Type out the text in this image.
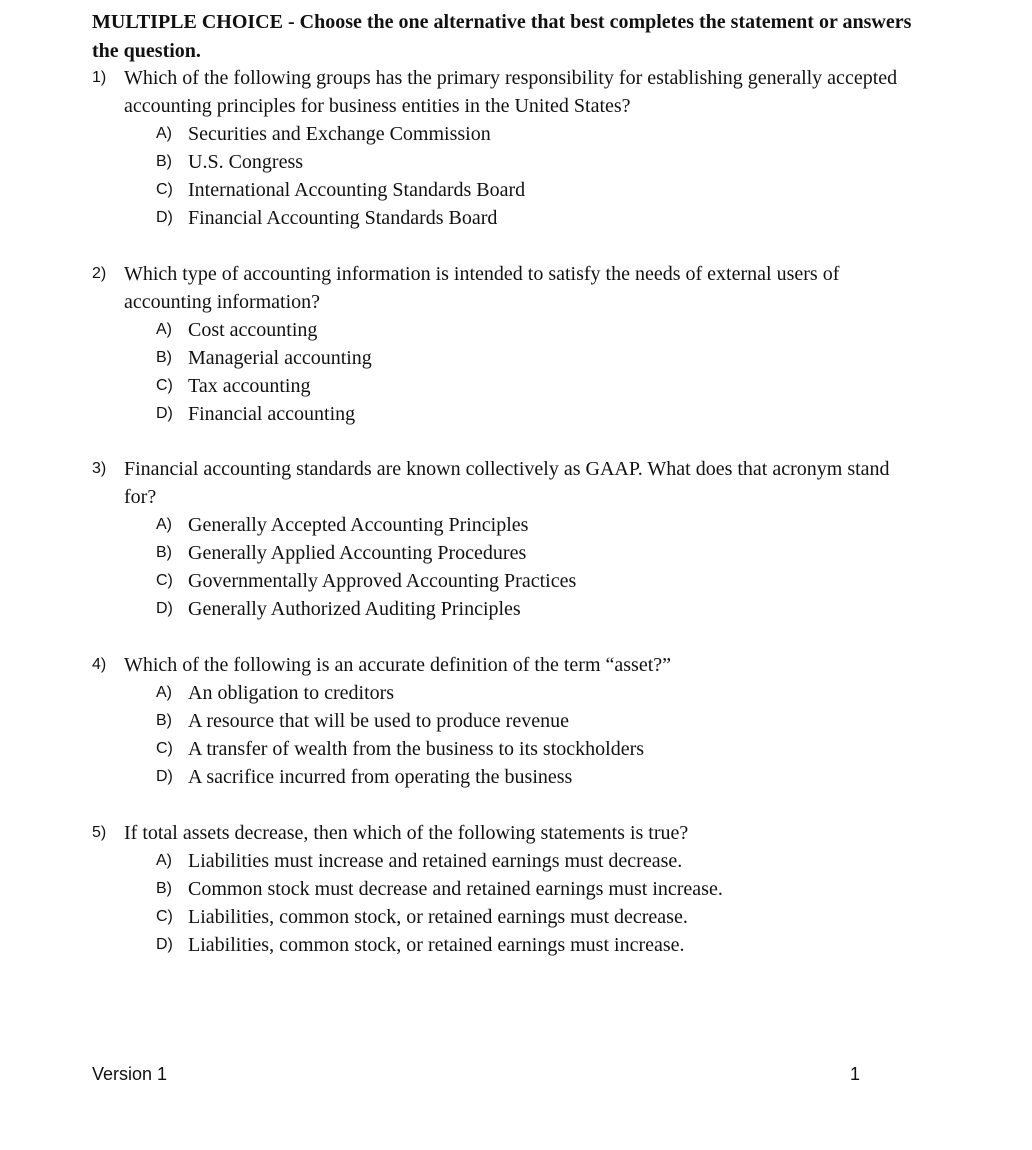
MULTIPLE CHOICE - Choose the one alternative that best completes the statement or answers the question.
1) Which of the following groups has the primary responsibility for establishing generally accepted accounting principles for business entities in the United States?
A) Securities and Exchange Commission
B) U.S. Congress
C) International Accounting Standards Board
D) Financial Accounting Standards Board
2) Which type of accounting information is intended to satisfy the needs of external users of accounting information?
A) Cost accounting
B) Managerial accounting
C) Tax accounting
D) Financial accounting
3) Financial accounting standards are known collectively as GAAP. What does that acronym stand for?
A) Generally Accepted Accounting Principles
B) Generally Applied Accounting Procedures
C) Governmentally Approved Accounting Practices
D) Generally Authorized Auditing Principles
4) Which of the following is an accurate definition of the term “asset?”
A) An obligation to creditors
B) A resource that will be used to produce revenue
C) A transfer of wealth from the business to its stockholders
D) A sacrifice incurred from operating the business
5) If total assets decrease, then which of the following statements is true?
A) Liabilities must increase and retained earnings must decrease.
B) Common stock must decrease and retained earnings must increase.
C) Liabilities, common stock, or retained earnings must decrease.
D) Liabilities, common stock, or retained earnings must increase.
Version 1	1
